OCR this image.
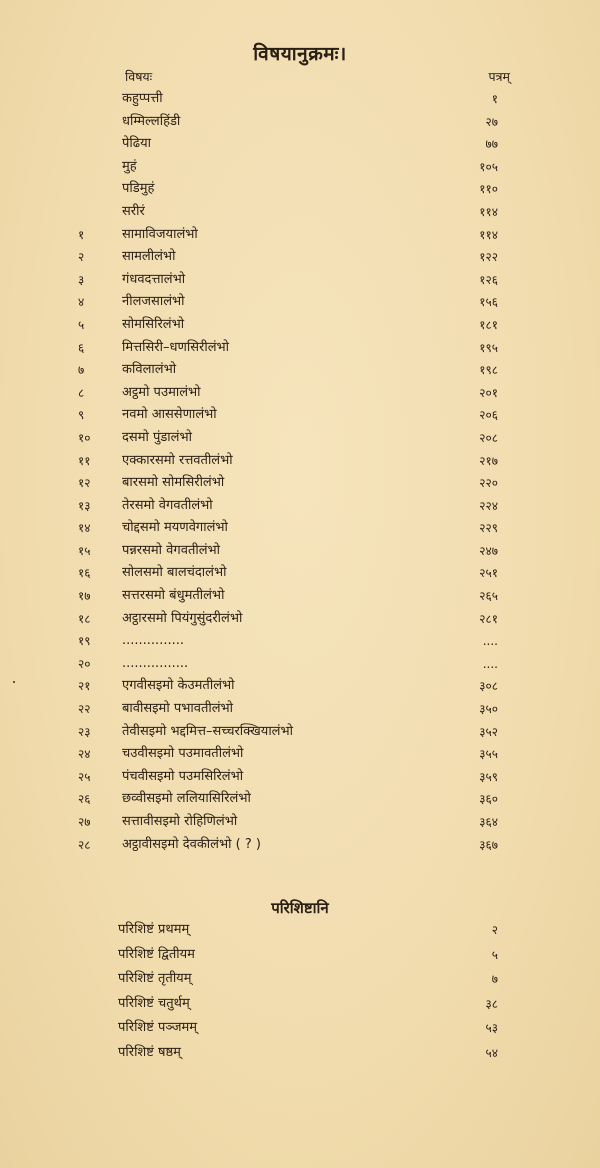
विषयानुक्रमः।
विषयः	पत्रम्
कहुप्पत्ती	१
धम्मिल्लहिंडी	२७
पेढिया	७७
मुहं	१०५
पडिमुहं	११०
सरीरं	११४
१	सामाविजयालंभो	११४
२	सामलीलंभो	१२२
३	गंधवदत्तालंभो	१२६
४	नीलजसालंभो	१५६
५	सोमसिरिलंभो	१८१
६	मित्तसिरी–धणसिरीलंभो	१९५
७	कविलालंभो	१९८
८	अट्ठमो पउमालंभो	२०१
९	नवमो आससेणालंभो	२०६
१०	दसमो पुंडालंभो	२०८
११	एक्कारसमो रत्तवतीलंभो	२१७
१२	बारसमो सोमसिरीलंभो	२२०
१३	तेरसमो वेगवतीलंभो	२२४
१४	चोद्दसमो मयणवेगालंभो	२२९
१५	पन्नरसमो वेगवतीलंभो	२४७
१६	सोलसमो बालचंदालंभो	२५१
१७	सत्तरसमो बंधुमतीलंभो	२६५
१८	अट्ठारसमो पियंगुसुंदरीलंभो	२८१
१९	...............	....
२०	................	....
२१	एगवीसइमो केउमतीलंभो	३०८
२२	बावीसइमो पभावतीलंभो	३५०
२३	तेवीसइमो भद्दमित्त–सच्चरक्खियालंभो	३५२
२४	चउवीसइमो पउमावतीलंभो	३५५
२५	पंचवीसइमो पउमसिरिलंभो	३५९
२६	छव्वीसइमो ललियासिरिलंभो	३६०
२७	सत्तावीसइमो रोहिणिलंभो	३६४
२८	अट्ठावीसइमो देवकीलंभो ( ? )	३६७
परिशिष्टानि
परिशिष्टं प्रथमम्	२
परिशिष्टं द्वितीयम	५
परिशिष्टं तृतीयम्	७
परिशिष्टं चतुर्थम्	३८
परिशिष्टं पञ्जमम्	५३
परिशिष्टं षष्ठम्	५४
